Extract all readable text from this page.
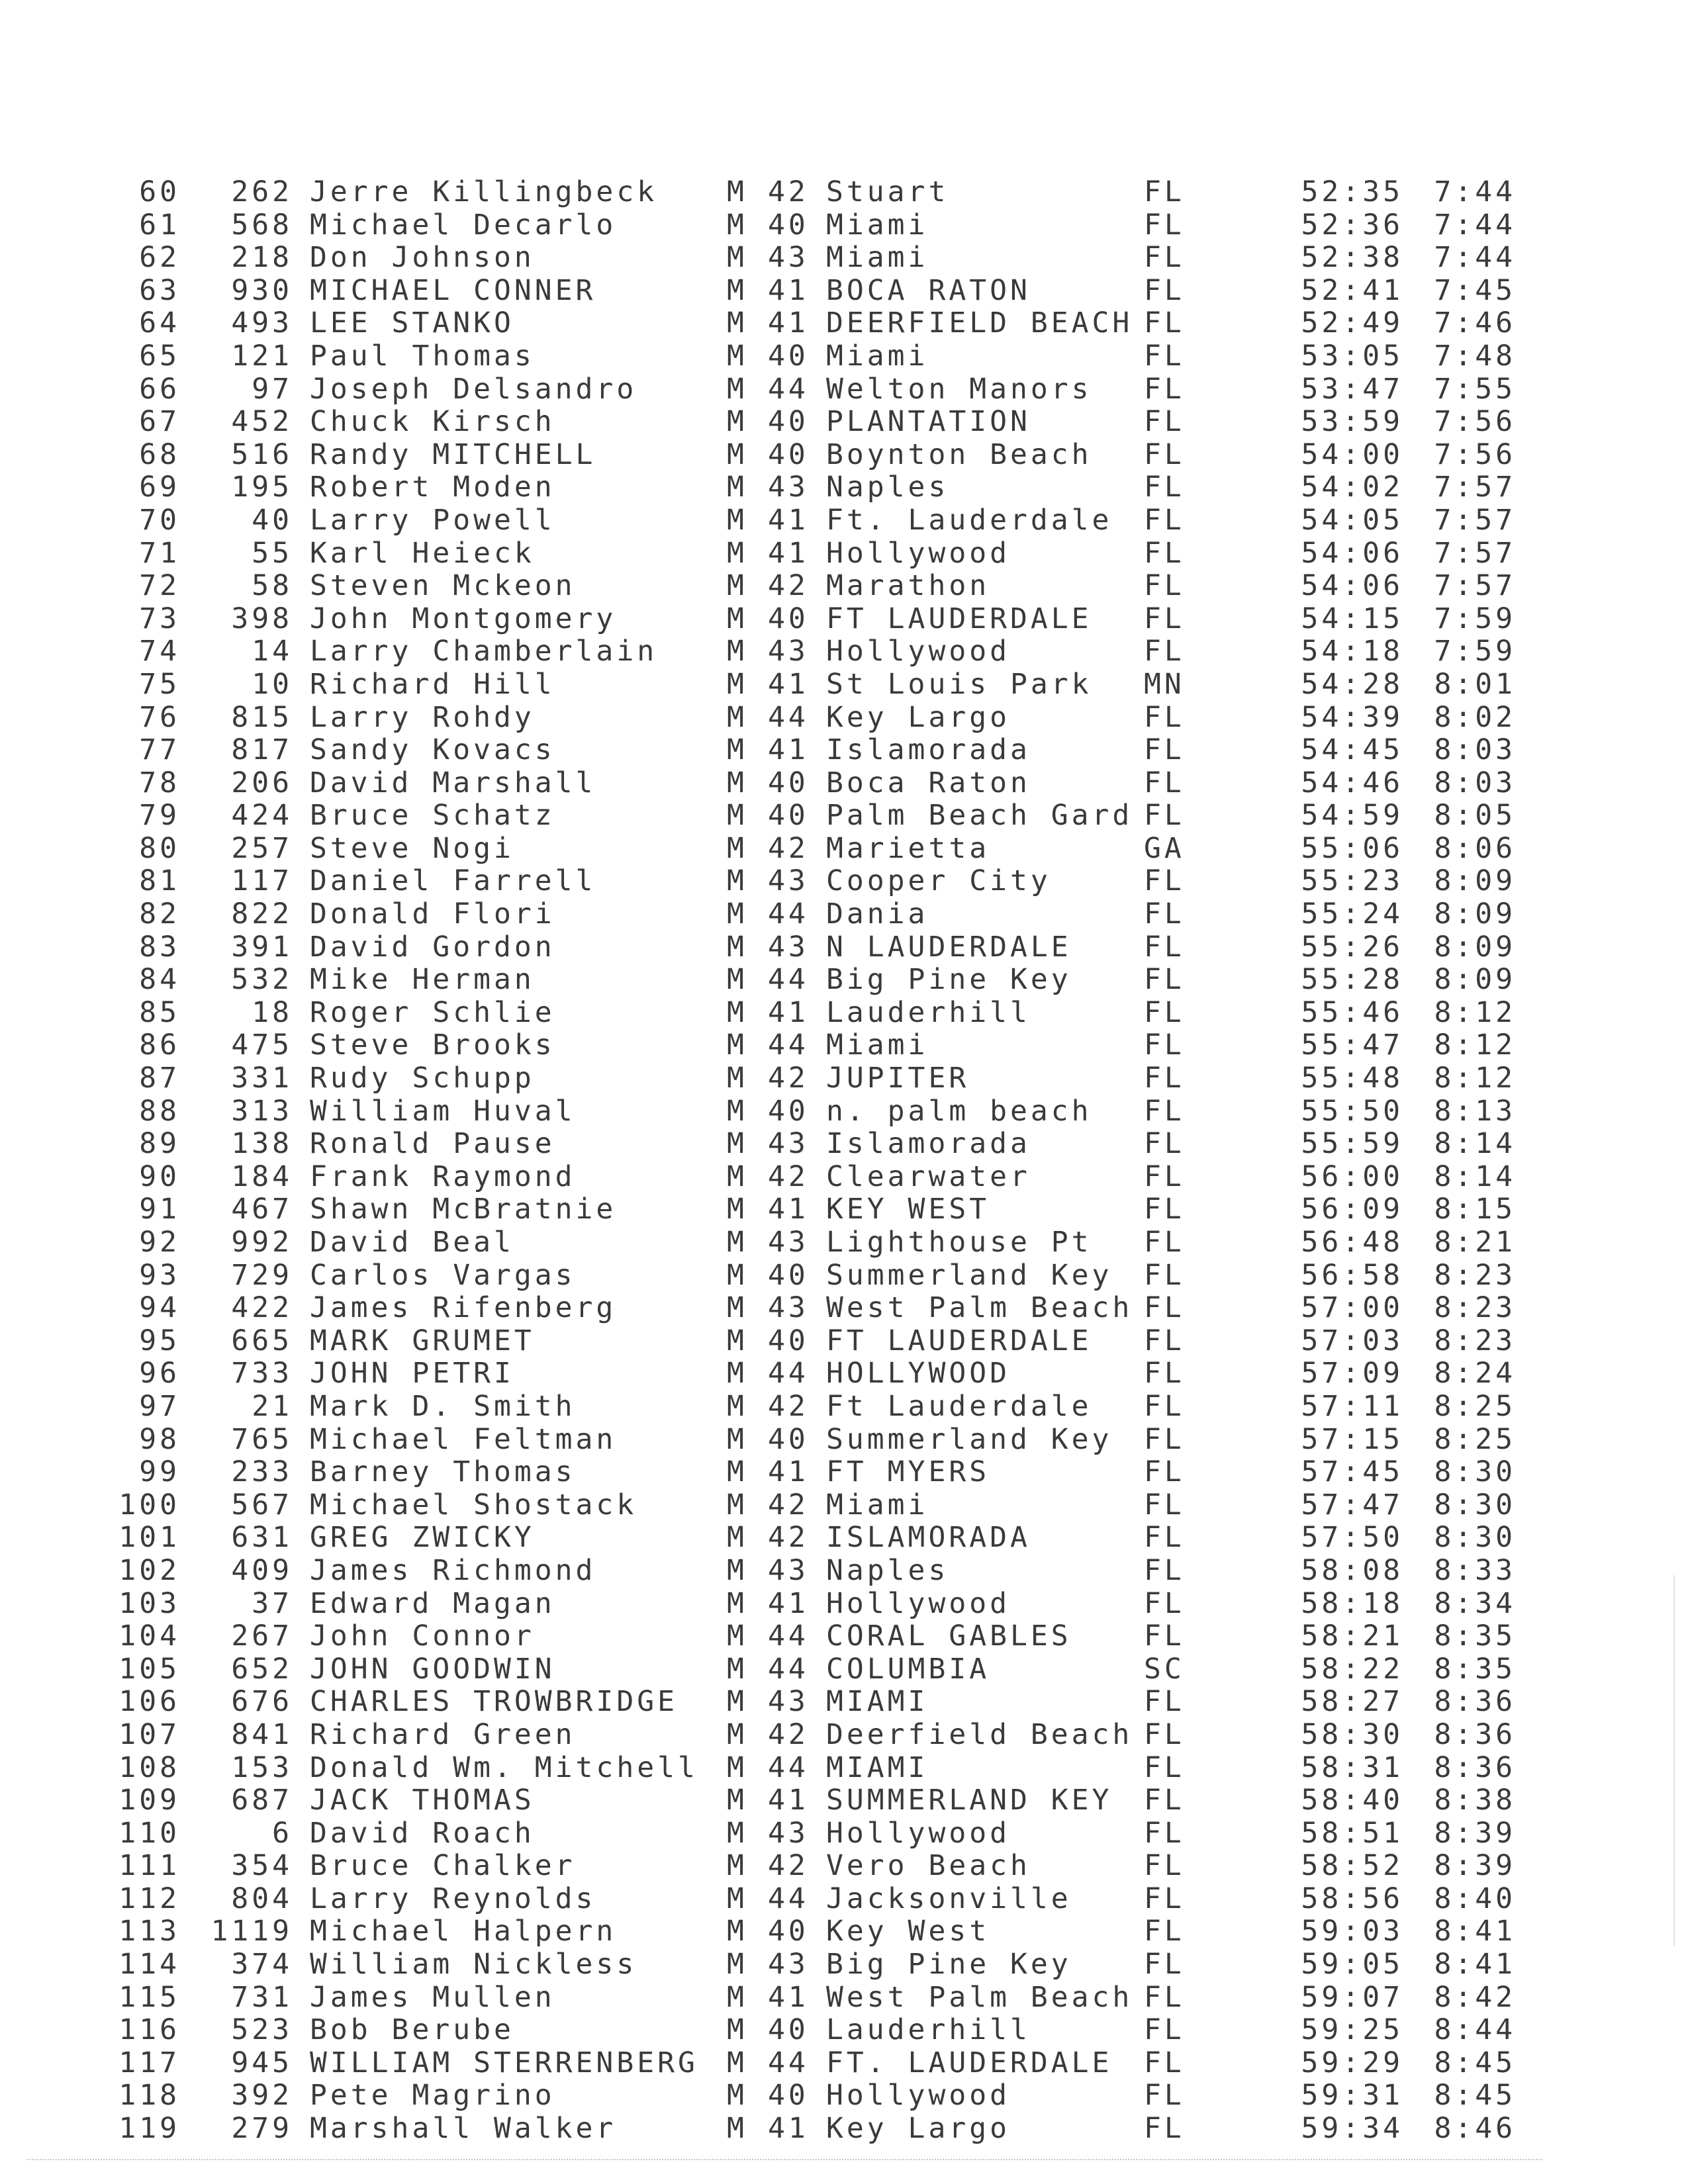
60	262 Jerre Killingbeck M 42 Stuart	FL	52:35	7:44
61	568 Michael Decarlo	M 40 Miami	FL	52:36	7:44
62	218 Don Johnson	M 43 Miami	FL	52:38	7:44
63	930 MICHAEL CONNER	M 41 BOCA RATON	FL	52:41	7:45
64	493 LEE STANKO	M 41 DEERFIELD BEACH FL	52:49	7:46
65	121 Paul Thomas	M 40 Miami	FL	53:05	7:48
66	97 Joseph Delsandro	M 44 Welton Manors FL	53:47	7:55
67	452 Chuck Kirsch	M 40 PLANTATION	FL	53:59	7:56
68	516 Randy MITCHELL	M 40 Boynton Beach FL	54:00	7:56
69	195 Robert Moden	M 43 Naples	FL	54:02	7:57
70	40 Larry Powell	M 41 Ft. Lauderdale FL	54:05	7:57
71	55 Karl Heieck	M 41 Hollywood	FL	54:06	7:57
72	58 Steven Mckeon	M 42 Marathon	FL	54:06	7:57
73	398 John Montgomery	M 40 FT LAUDERDALE FL	54:15	7:59
74	14 Larry Chamberlain M 43 Hollywood	FL	54:18	7:59
75	10 Richard Hill	M 41 St Louis Park MN	54:28	8:01
76	815 Larry Rohdy	M 44 Key Largo	FL	54:39	8:02
77	817 Sandy Kovacs	M 41 Islamorada	FL	54:45	8:03
78	206 David Marshall	M 40 Boca Raton	FL	54:46	8:03
79	424 Bruce Schatz	M 40 Palm Beach Gard FL	54:59	8:05
80	257 Steve Nogi	M 42 Marietta	GA	55:06	8:06
81	117 Daniel Farrell	M 43 Cooper City	FL	55:23	8:09
82	822 Donald Flori	M 44 Dania	FL	55:24	8:09
83	391 David Gordon	M 43 N LAUDERDALE	FL	55:26	8:09
84	532 Mike Herman	M 44 Big Pine Key	FL	55:28	8:09
85	18 Roger Schlie	M 41 Lauderhill	FL	55:46	8:12
86	475 Steve Brooks	M 44 Miami	FL	55:47	8:12
87	331 Rudy Schupp	M 42 JUPITER	FL	55:48	8:12
88	313 William Huval	M 40 n. palm beach FL	55:50	8:13
89	138 Ronald Pause	M 43 Islamorada	FL	55:59	8:14
90	184 Frank Raymond	M 42 Clearwater	FL	56:00	8:14
91	467 Shawn McBratnie	M 41 KEY WEST	FL	56:09	8:15
92	992 David Beal	M 43 Lighthouse Pt FL	56:48	8:21
93	729 Carlos Vargas	M 40 Summerland Key FL	56:58	8:23
94	422 James Rifenberg	M 43 West Palm Beach FL	57:00	8:23
95	665 MARK GRUMET	M 40 FT LAUDERDALE FL	57:03	8:23
96	733 JOHN PETRI	M 44 HOLLYWOOD	FL	57:09	8:24
97	21 Mark D. Smith	M 42 Ft Lauderdale FL	57:11	8:25
98	765 Michael Feltman	M 40 Summerland Key FL	57:15	8:25
99	233 Barney Thomas	M 41 FT MYERS	FL	57:45	8:30
100	567 Michael Shostack	M 42 Miami	FL	57:47	8:30
101	631 GREG ZWICKY	M 42 ISLAMORADA	FL	57:50	8:30
102	409 James Richmond	M 43 Naples	FL	58:08	8:33
103	37 Edward Magan	M 41 Hollywood	FL	58:18	8:34
104	267 John Connor	M 44 CORAL GABLES	FL	58:21	8:35
105	652 JOHN GOODWIN	M 44 COLUMBIA	SC	58:22	8:35
106	676 CHARLES TROWBRIDGE M 43 MIAMI	FL	58:27	8:36
107	841 Richard Green	M 42 Deerfield Beach FL	58:30	8:36
108	153 Donald Wm. Mitchell M 44 MIAMI	FL	58:31	8:36
109	687 JACK THOMAS	M 41 SUMMERLAND KEY FL	58:40	8:38
110	6 David Roach	M 43 Hollywood	FL	58:51	8:39
111	354 Bruce Chalker	M 42 Vero Beach	FL	58:52	8:39
112	804 Larry Reynolds	M 44 Jacksonville	FL	58:56	8:40
113	1119 Michael Halpern	M 40 Key West	FL	59:03	8:41
114	374 William Nickless	M 43 Big Pine Key	FL	59:05	8:41
115	731 James Mullen	M 41 West Palm Beach FL	59:07	8:42
116	523 Bob Berube	M 40 Lauderhill	FL	59:25	8:44
117	945 WILLIAM STERRENBERG M 44 FT. LAUDERDALE FL	59:29	8:45
118	392 Pete Magrino	M 40 Hollywood	FL	59:31	8:45
119	279 Marshall Walker	M 41 Key Largo	FL	59:34	8:46
